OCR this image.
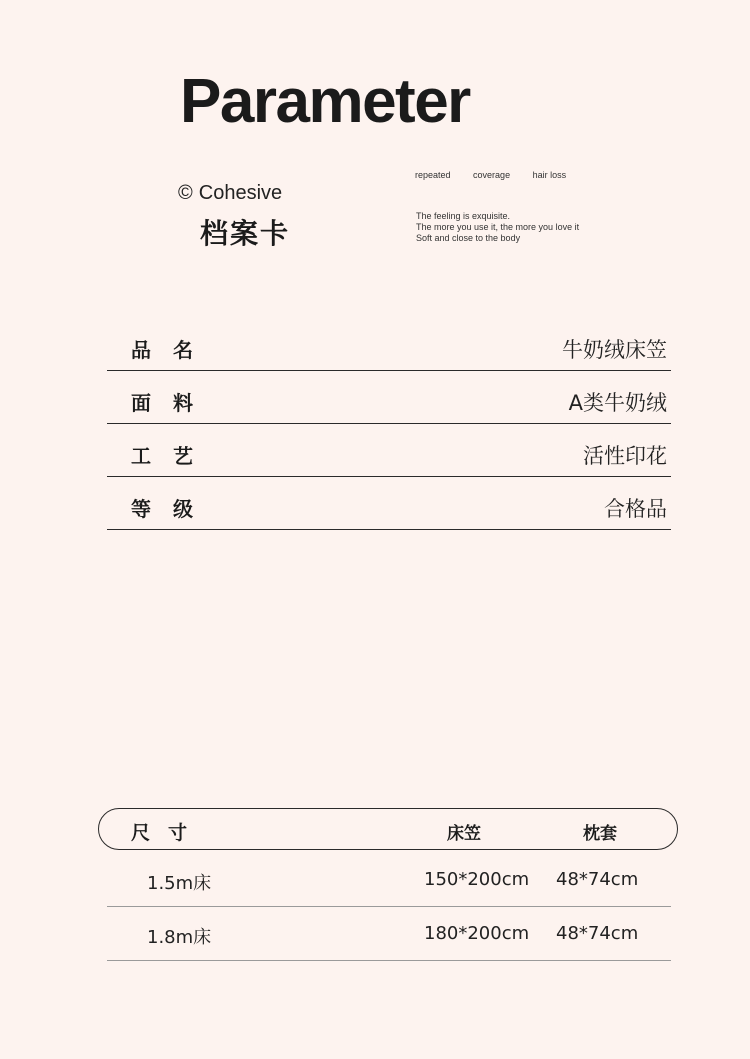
Parameter
© Cohesive
档案卡
repeated	coverage	hair loss
The feeling is exquisite.
The more you use it, the more you love it
Soft and close to the body
品名	牛奶绒床笠
面料	A类牛奶绒
工艺	活性印花
等级	合格品
尺寸	床笠	枕套
1.5m床	150*200cm 48*74cm
1.8m床	180*200cm 48*74cm
